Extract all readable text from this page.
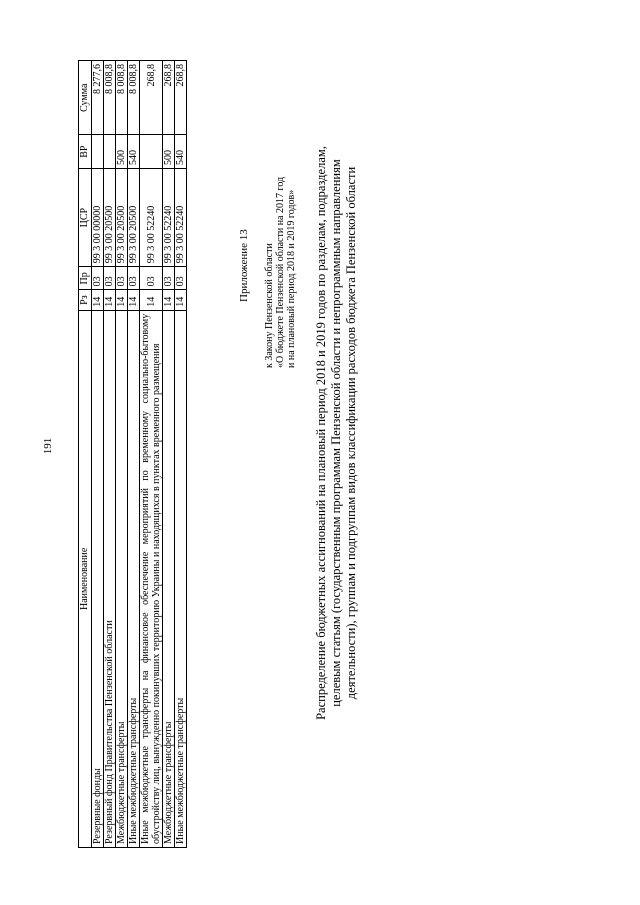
191
Наименование	Рз	Пр	ЦСР	ВР	Сумма
Резервные фонды	14	03	99 3 00 00000		8 277,6
Резервный фонд Правительства Пензенской области	14	03	99 3 00 20500		8 008,8
Межбюджетные трансферты	14	03	99 3 00 20500	500	8 008,8
Иные межбюджетные трансферты	14	03	99 3 00 20500	540	8 008,8
Иные межбюджетные трансферты на финансовое обеспечение мероприятий по временному социально-бытовому обустройству лиц, вынужденно покинувших территорию Украины и находящихся в пунктах временного размещения	14	03	99 3 00 52240		268,8
Межбюджетные трансферты	14	03	99 3 00 52240	500	268,8
Иные межбюджетные трансферты	14	03	99 3 00 52240	540	268,8
Приложение 13 к Закону Пензенской области «О бюджете Пензенской области на 2017 год и на плановый период 2018 и 2019 годов» Распределение бюджетных ассигнований на плановый период 2018 и 2019 годов по разделам, подразделам, целевым статьям (государственным программам Пензенской области и непрограммным направлениям деятельности), группам и подгруппам видов классификации расходов бюджета Пензенской области
